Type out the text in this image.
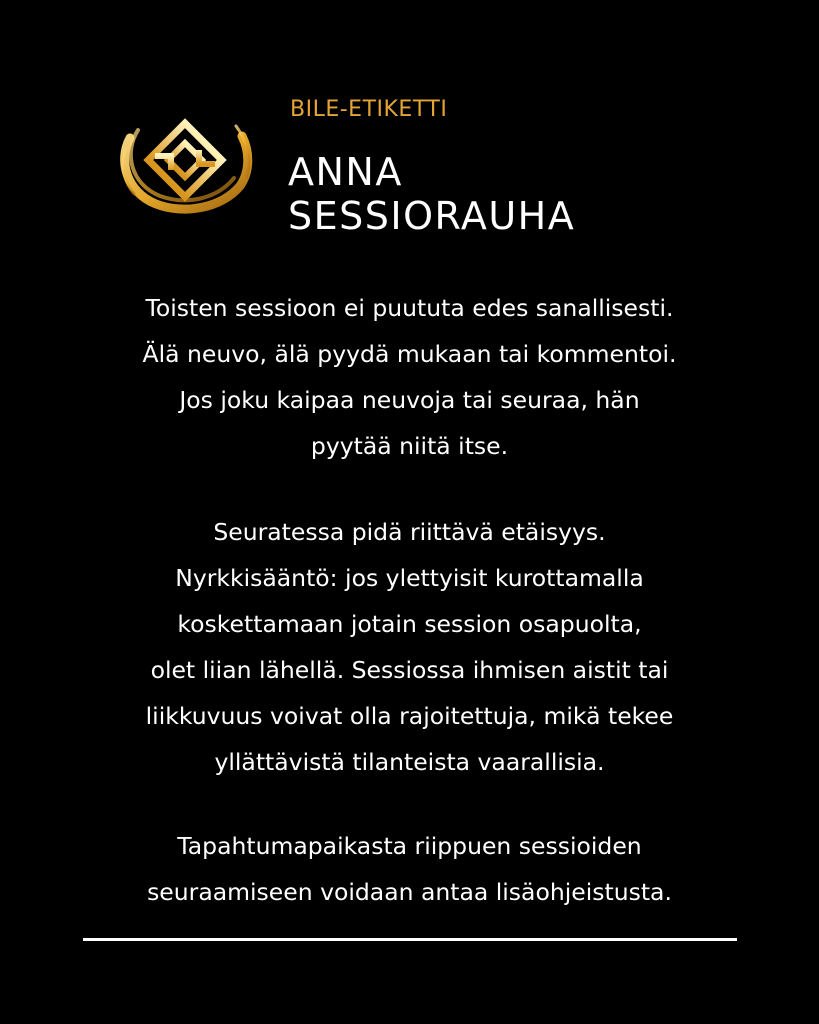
BILE-ETIKETTI
ANNA
SESSIORAUHA
Toisten sessioon ei puututa edes sanallisesti.
Älä neuvo, älä pyydä mukaan tai kommentoi.
Jos joku kaipaa neuvoja tai seuraa, hän
pyytää niitä itse.
Seuratessa pidä riittävä etäisyys.
Nyrkkisääntö: jos ylettyisit kurottamalla
koskettamaan jotain session osapuolta,
olet liian lähellä. Sessiossa ihmisen aistit tai
liikkuvuus voivat olla rajoitettuja, mikä tekee
yllättävistä tilanteista vaarallisia.
Tapahtumapaikasta riippuen sessioiden
seuraamiseen voidaan antaa lisäohjeistusta.
